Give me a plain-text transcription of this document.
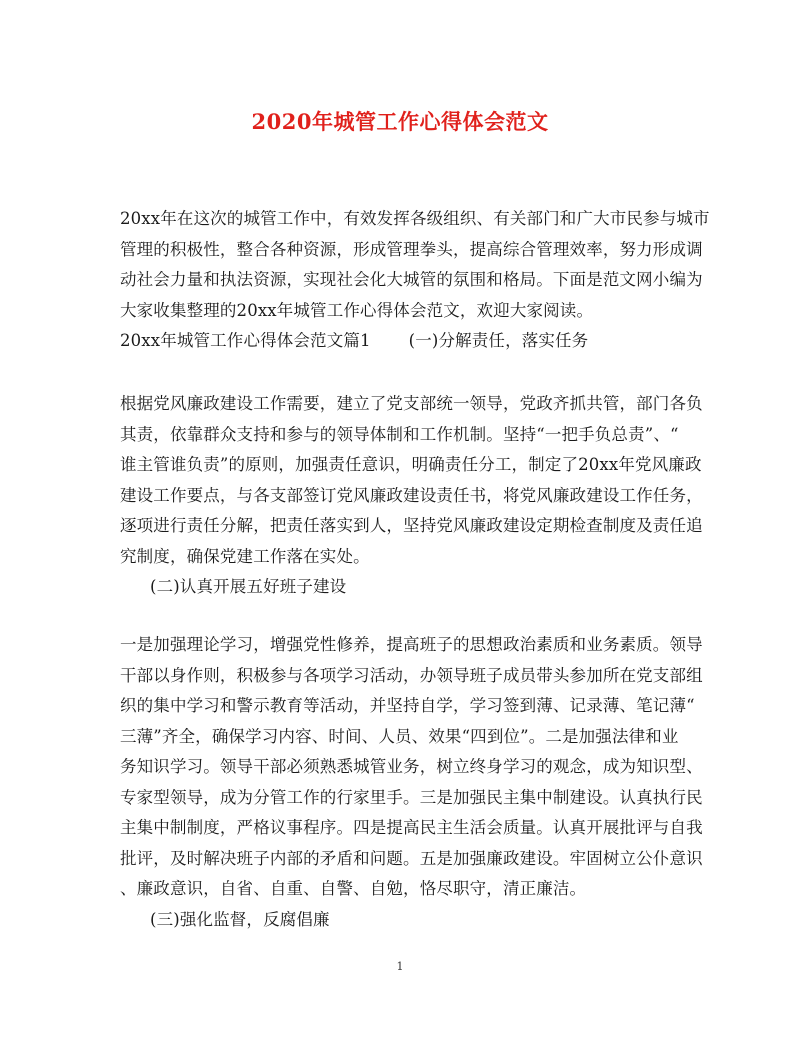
2020年城管工作心得体会范文
20xx年在这次的城管工作中，有效发挥各级组织、有关部门和广大市民参与城市
管理的积极性，整合各种资源，形成管理拳头，提高综合管理效率，努力形成调
动社会力量和执法资源，实现社会化大城管的氛围和格局。下面是范文网小编为
大家收集整理的20xx年城管工作心得体会范文，欢迎大家阅读。
20xx年城管工作心得体会范文篇1 (一)分解责任，落实任务
根据党风廉政建设工作需要，建立了党支部统一领导，党政齐抓共管，部门各负
其责，依靠群众支持和参与的领导体制和工作机制。坚持“一把手负总责”、“
谁主管谁负责”的原则，加强责任意识，明确责任分工，制定了20xx年党风廉政
建设工作要点，与各支部签订党风廉政建设责任书，将党风廉政建设工作任务，
逐项进行责任分解，把责任落实到人，坚持党风廉政建设定期检查制度及责任追
究制度，确保党建工作落在实处。
(二)认真开展五好班子建设
一是加强理论学习，增强党性修养，提高班子的思想政治素质和业务素质。领导
干部以身作则，积极参与各项学习活动，办领导班子成员带头参加所在党支部组
织的集中学习和警示教育等活动，并坚持自学，学习签到薄、记录薄、笔记薄“
三薄”齐全，确保学习内容、时间、人员、效果“四到位”。二是加强法律和业
务知识学习。领导干部必须熟悉城管业务，树立终身学习的观念，成为知识型、
专家型领导，成为分管工作的行家里手。三是加强民主集中制建设。认真执行民
主集中制制度，严格议事程序。四是提高民主生活会质量。认真开展批评与自我
批评，及时解决班子内部的矛盾和问题。五是加强廉政建设。牢固树立公仆意识
、廉政意识，自省、自重、自警、自勉，恪尽职守，清正廉洁。
(三)强化监督，反腐倡廉
1
